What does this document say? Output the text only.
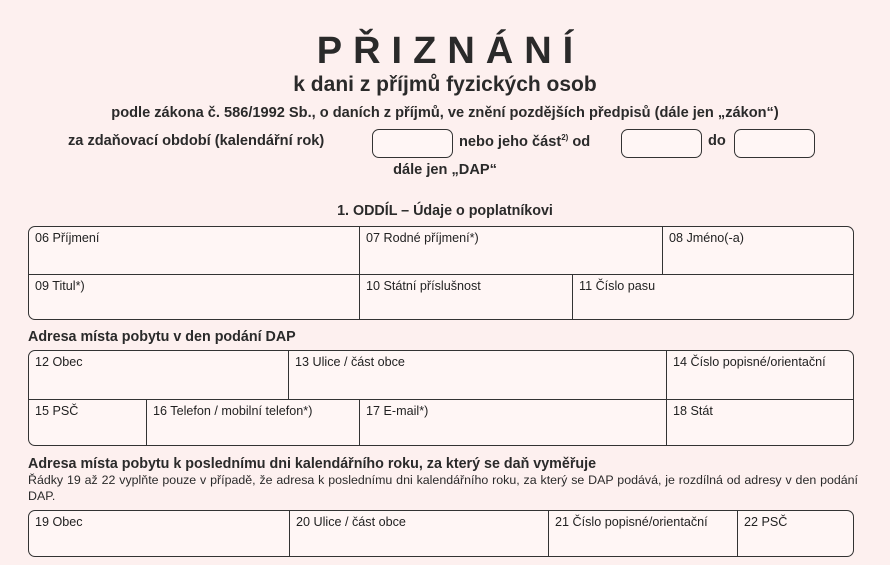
PŘIZNÁNÍ
k dani z příjmů fyzických osob
podle zákona č. 586/1992 Sb., o daních z příjmů, ve znění pozdějších předpisů (dále jen „zákon“)
za zdaňovací období (kalendářní rok)	nebo jeho část$^{2)}$ od	do
dále jen „DAP“
1. ODDÍL – Údaje o poplatníkovi
06 Příjmení	07 Rodné příjmení*)	08 Jméno(-a)
09 Titul*)	10 Státní příslušnost	11 Číslo pasu
Adresa místa pobytu v den podání DAP
12 Obec	13 Ulice / část obce	14 Číslo popisné/orientační
15 PSČ	16 Telefon / mobilní telefon*)	17 E-mail*)	18 Stát
Adresa místa pobytu k poslednímu dni kalendářního roku, za který se daň vyměřuje
Řádky 19 až 22 vyplňte pouze v případě, že adresa k poslednímu dni kalendářního roku, za který se DAP podává, je rozdílná od adresy v den podání DAP.
19 Obec	20 Ulice / část obce	21 Číslo popisné/orientační	22 PSČ
